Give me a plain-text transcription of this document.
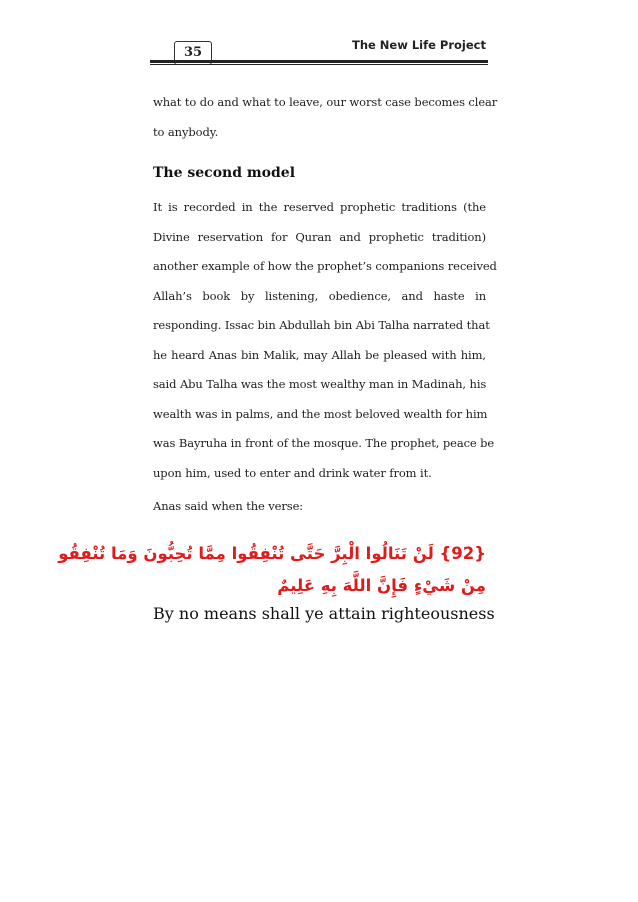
35	The New Life Project

what to do and what to leave, our worst case becomes clear
to anybody.

The second model

It is recorded in the reserved prophetic traditions (the
Divine reservation for Quran and prophetic tradition)
another example of how the prophet’s companions received
Allah’s book by listening, obedience, and haste in
responding. Issac bin Abdullah bin Abi Talha narrated that
he heard Anas bin Malik, may Allah be pleased with him,
said Abu Talha was the most wealthy man in Madinah, his
wealth was in palms, and the most beloved wealth for him
was Bayruha in front of the mosque. The prophet, peace be
upon him, used to enter and drink water from it.

Anas said when the verse:

{92} لَنْ تَنَالُوا الْبِرَّ حَتَّى تُنْفِقُوا مِمَّا تُحِبُّونَ وَمَا تُنْفِقُو
مِنْ شَيْءٍ فَإِنَّ اللَّهَ بِهِ عَلِيمٌ

By no means shall ye attain righteousness
